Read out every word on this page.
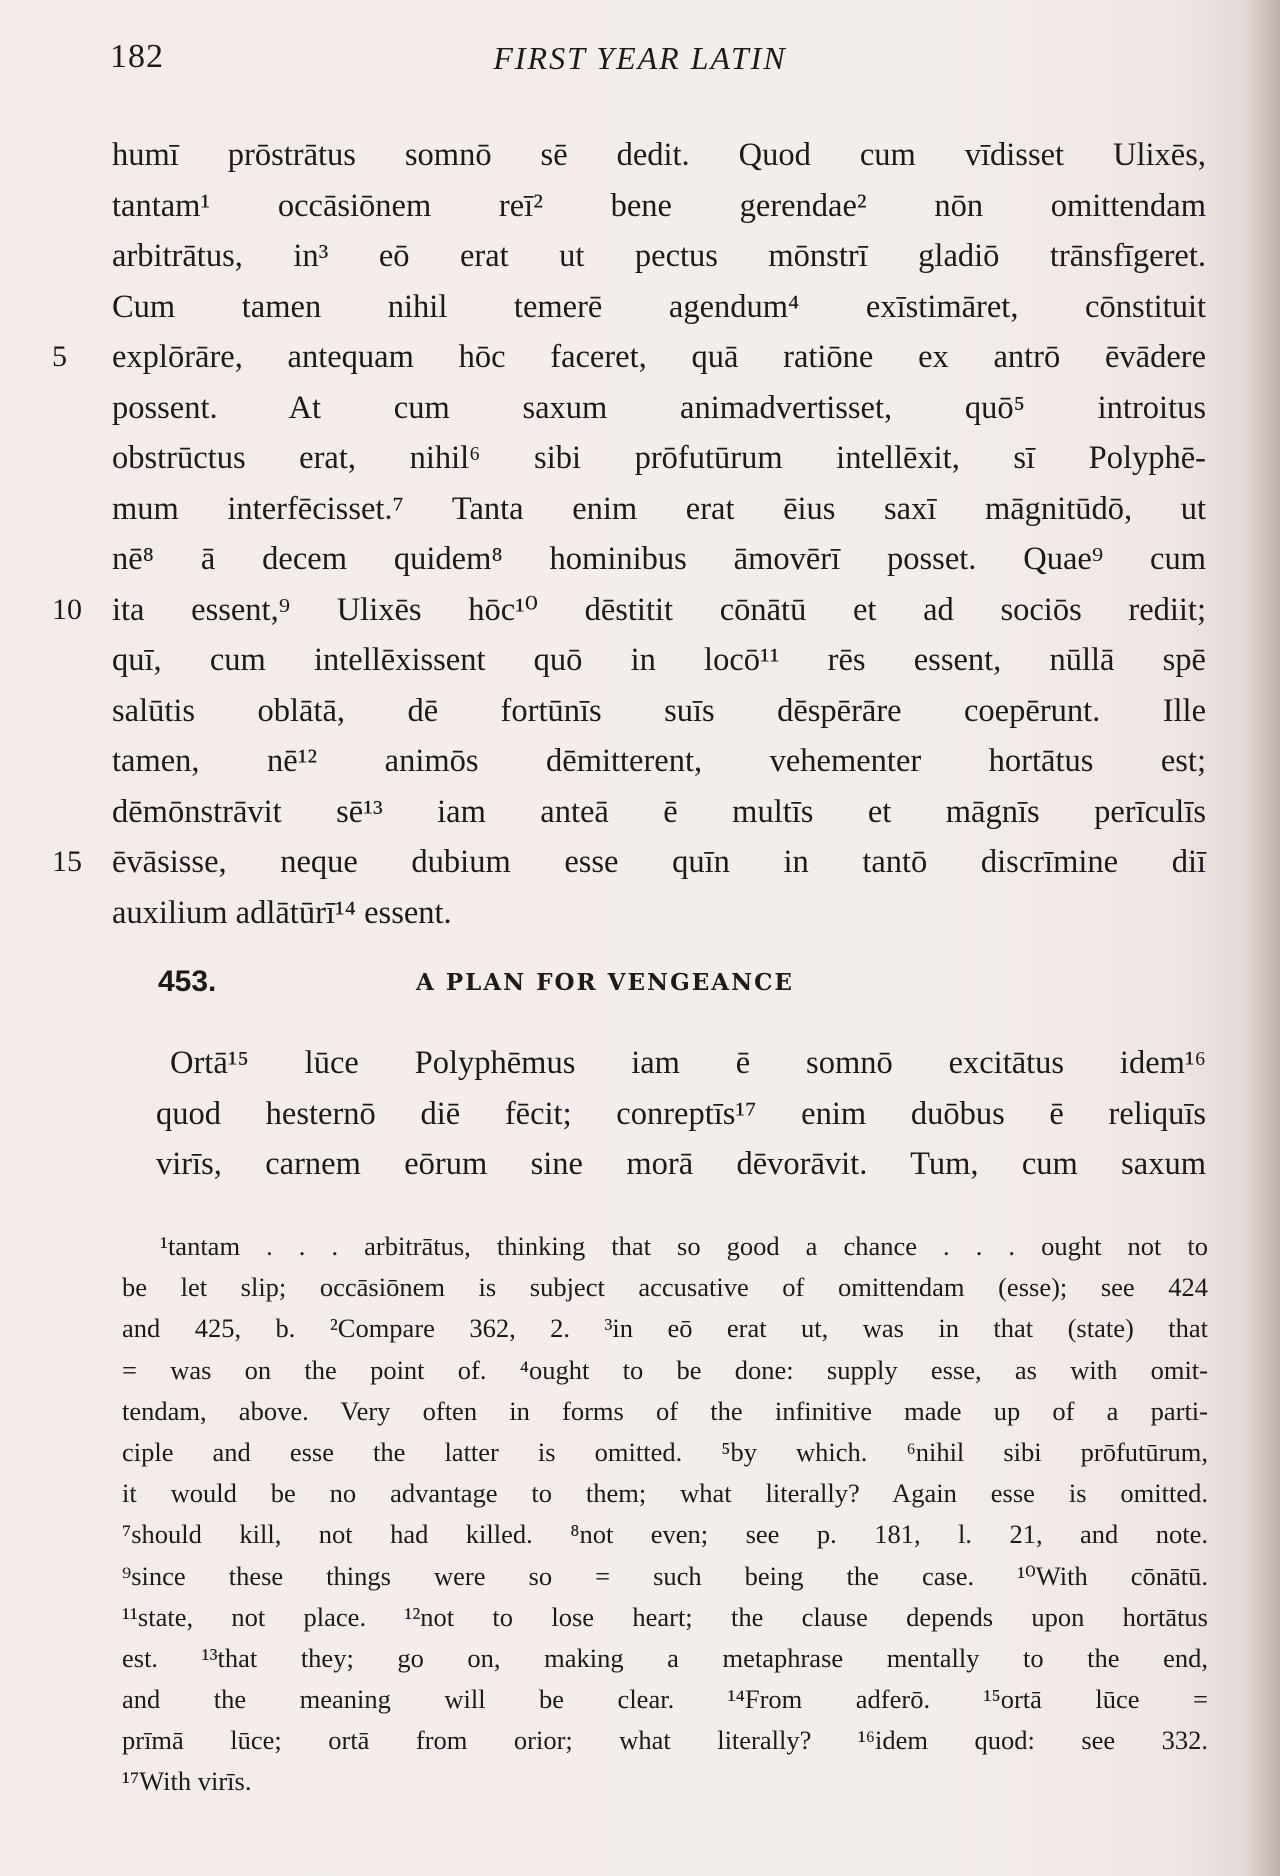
182	FIRST YEAR LATIN
humī prōstrātus somnō sē dedit. Quod cum vīdisset Ulixēs,
tantam¹ occāsiōnem reī² bene gerendae² nōn omittendam
arbitrātus, in³ eō erat ut pectus mōnstrī gladiō trānsfīgeret.
Cum tamen nihil temerē agendum⁴ exīstimāret, cōnstituit
5	explōrāre, antequam hōc faceret, quā ratiōne ex antrō ēvādere
possent. At cum saxum animadvertisset, quō⁵ introitus
obstrūctus erat, nihil⁶ sibi prōfutūrum intellēxit, sī Polyphē-
mum interfēcisset.⁷ Tanta enim erat ēius saxī māgnitūdō, ut
nē⁸ ā decem quidem⁸ hominibus āmovērī posset. Quae⁹ cum
10 ita essent,⁹ Ulixēs hōc¹⁰ dēstitit cōnātū et ad sociōs rediit;
quī, cum intellēxissent quō in locō¹¹ rēs essent, nūllā spē
salūtis oblātā, dē fortūnīs suīs dēspērāre coepērunt. Ille
tamen, nē¹² animōs dēmitterent, vehementer hortātus est;
dēmōnstrāvit sē¹³ iam anteā ē multīs et māgnīs perīculīs
15 ēvāsisse, neque dubium esse quīn in tantō discrīmine diī
auxilium adlātūrī¹⁴ essent.
453.	A PLAN FOR VENGEANCE
Ortā¹⁵ lūce Polyphēmus iam ē somnō excitātus idem¹⁶
quod hesternō diē fēcit; conreptīs¹⁷ enim duōbus ē reliquīs
virīs, carnem eōrum sine morā dēvorāvit. Tum, cum saxum
¹tantam . . . arbitrātus, thinking that so good a chance . . . ought not to
be let slip; occāsiōnem is subject accusative of omittendam (esse); see 424
and 425, b. ²Compare 362, 2. ³in eō erat ut, was in that (state) that
= was on the point of. ⁴ought to be done: supply esse, as with omit-
tendam, above. Very often in forms of the infinitive made up of a parti-
ciple and esse the latter is omitted. ⁵by which. ⁶nihil sibi prōfutūrum,
it would be no advantage to them; what literally? Again esse is omitted.
⁷should kill, not had killed. ⁸not even; see p. 181, l. 21, and note.
⁹since these things were so = such being the case. ¹⁰With cōnātū.
¹¹state, not place. ¹²not to lose heart; the clause depends upon hortātus
est. ¹³that they; go on, making a metaphrase mentally to the end,
and the meaning will be clear. ¹⁴From adferō. ¹⁵ortā lūce =
prīmā lūce; ortā from orior; what literally? ¹⁶idem quod: see 332.
¹⁷With virīs.
